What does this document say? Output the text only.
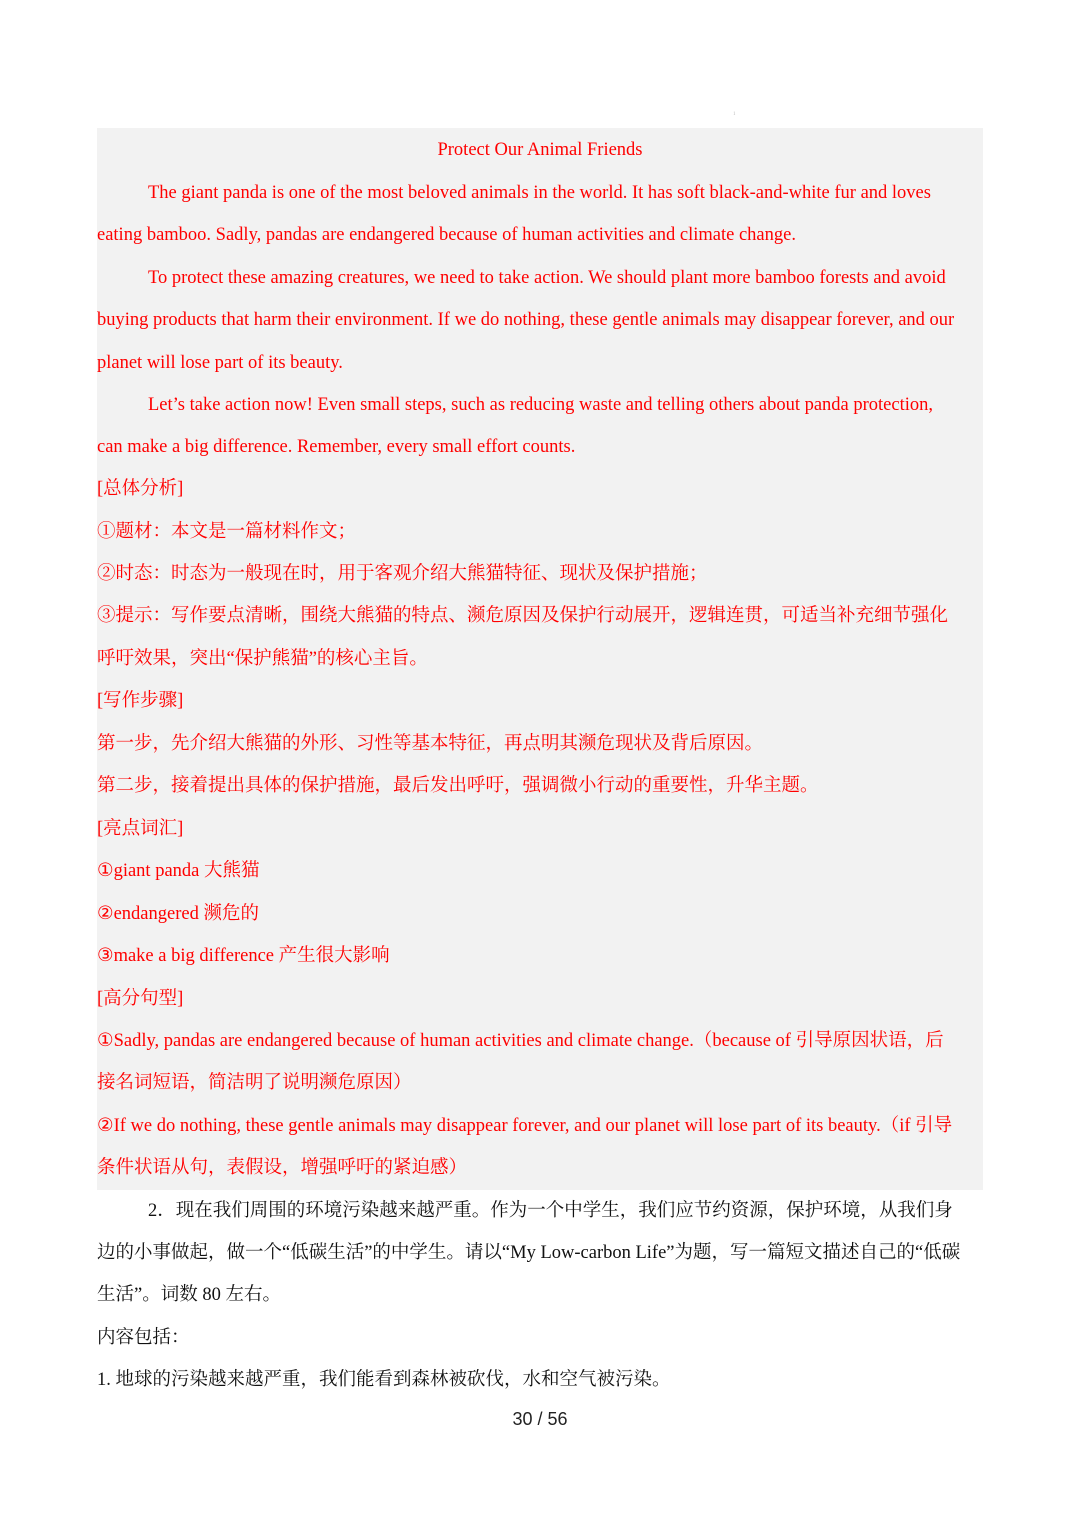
1
Protect Our Animal Friends
The giant panda is one of the most beloved animals in the world. It has soft black-and-white fur and loves
eating bamboo. Sadly, pandas are endangered because of human activities and climate change.
To protect these amazing creatures, we need to take action. We should plant more bamboo forests and avoid
buying products that harm their environment. If we do nothing, these gentle animals may disappear forever, and our
planet will lose part of its beauty.
Let’s take action now! Even small steps, such as reducing waste and telling others about panda protection,
can make a big difference. Remember, every small effort counts.
[总体分析]
①题材：本文是一篇材料作文；
②时态：时态为一般现在时，用于客观介绍大熊猫特征、现状及保护措施；
③提示：写作要点清晰，围绕大熊猫的特点、濒危原因及保护行动展开，逻辑连贯，可适当补充细节强化
呼吁效果，突出“保护熊猫”的核心主旨。
[写作步骤]
第一步，先介绍大熊猫的外形、习性等基本特征，再点明其濒危现状及背后原因。
第二步，接着提出具体的保护措施，最后发出呼吁，强调微小行动的重要性，升华主题。
[亮点词汇]
①giant panda 大熊猫
②endangered 濒危的
③make a big difference 产生很大影响
[高分句型]
①Sadly, pandas are endangered because of human activities and climate change.（because of 引导原因状语，后
接名词短语，简洁明了说明濒危原因）
②If we do nothing, these gentle animals may disappear forever, and our planet will lose part of its beauty.（if 引导
条件状语从句，表假设，增强呼吁的紧迫感）
2．现在我们周围的环境污染越来越严重。作为一个中学生，我们应节约资源，保护环境，从我们身
边的小事做起，做一个“低碳生活”的中学生。请以“My Low-carbon Life”为题，写一篇短文描述自己的“低碳
生活”。词数 80 左右。
内容包括：
1. 地球的污染越来越严重，我们能看到森林被砍伐，水和空气被污染。
30 / 56
